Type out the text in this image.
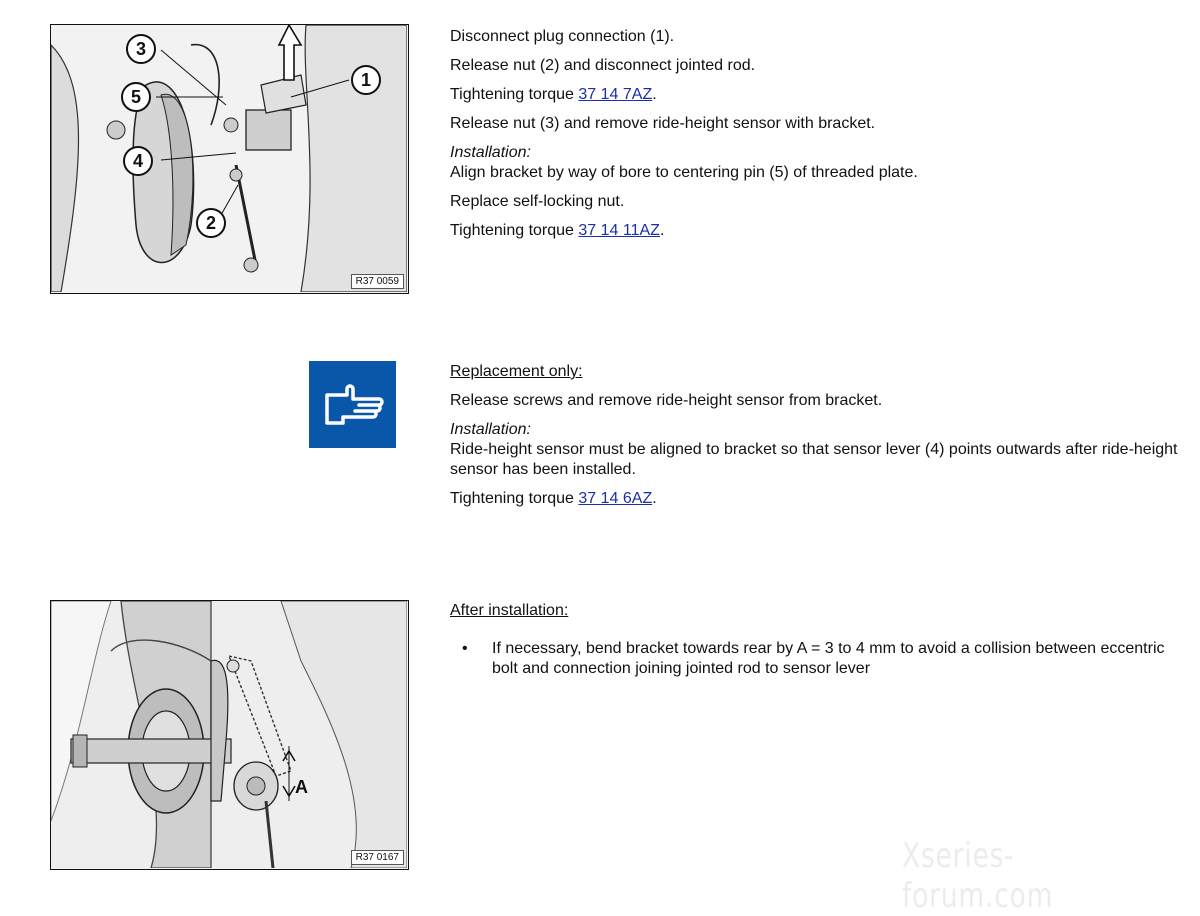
1
2
3
5
4
R37 0059

Disconnect plug connection (1).

Release nut (2) and disconnect jointed rod.

Tightening torque 37 14 7AZ.

Release nut (3) and remove ride-height sensor with bracket.

Installation:

Align bracket by way of bore to centering pin (5) of threaded plate.

Replace self-locking nut.

Tightening torque 37 14 11AZ.

Replacement only:

Release screws and remove ride-height sensor from bracket.

Installation:

Ride-height sensor must be aligned to bracket so that sensor lever (4) points outwards after ride-height sensor has been installed.

Tightening torque 37 14 6AZ.

A
R37 0167

After installation:

•	If necessary, bend bracket towards rear by A = 3 to 4 mm to avoid a collision between eccentric bolt and connection joining jointed rod to sensor lever
Xseries-forum.com
